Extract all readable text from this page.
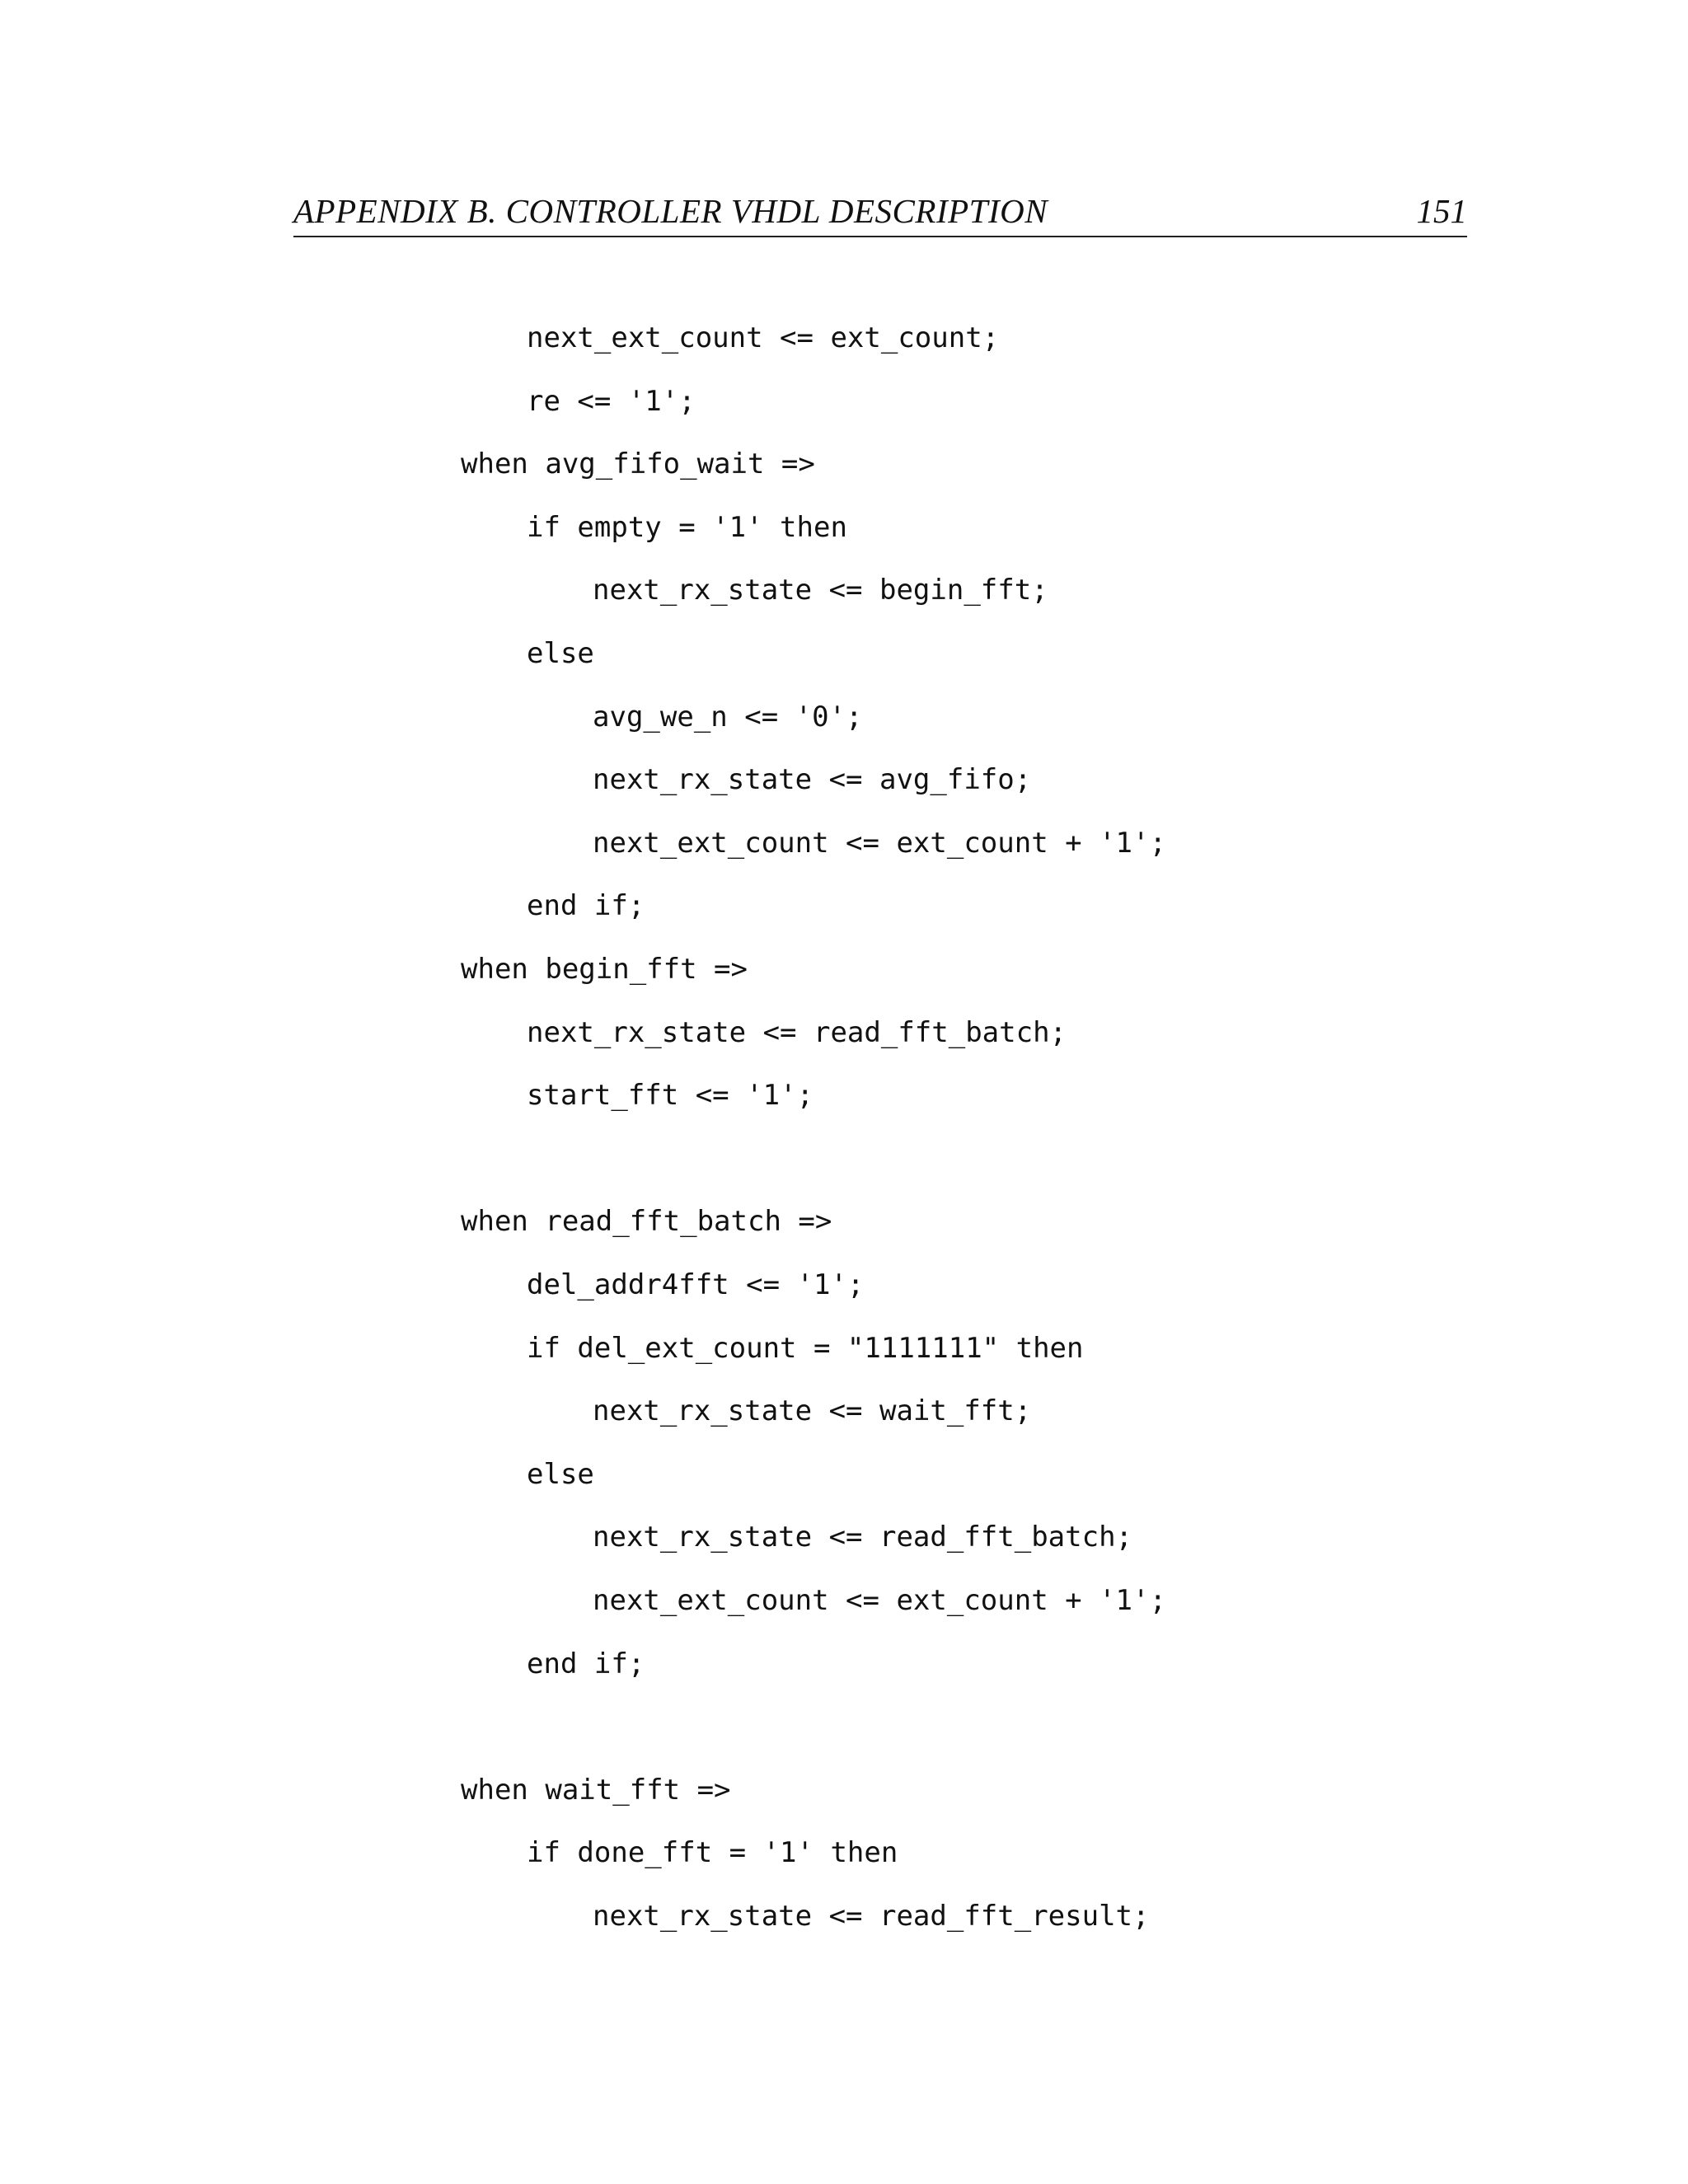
APPENDIX B. CONTROLLER VHDL DESCRIPTION	151
next_ext_count <= ext_count;
re <= '1';
when avg_fifo_wait =>
if empty = '1' then
next_rx_state <= begin_fft;
else
avg_we_n <= '0';
next_rx_state <= avg_fifo;
next_ext_count <= ext_count + '1';
end if;
when begin_fft =>
next_rx_state <= read_fft_batch;
start_fft <= '1';
when read_fft_batch =>
del_addr4fft <= '1';
if del_ext_count = "1111111" then
next_rx_state <= wait_fft;
else
next_rx_state <= read_fft_batch;
next_ext_count <= ext_count + '1';
end if;
when wait_fft =>
if done_fft = '1' then
next_rx_state <= read_fft_result;
